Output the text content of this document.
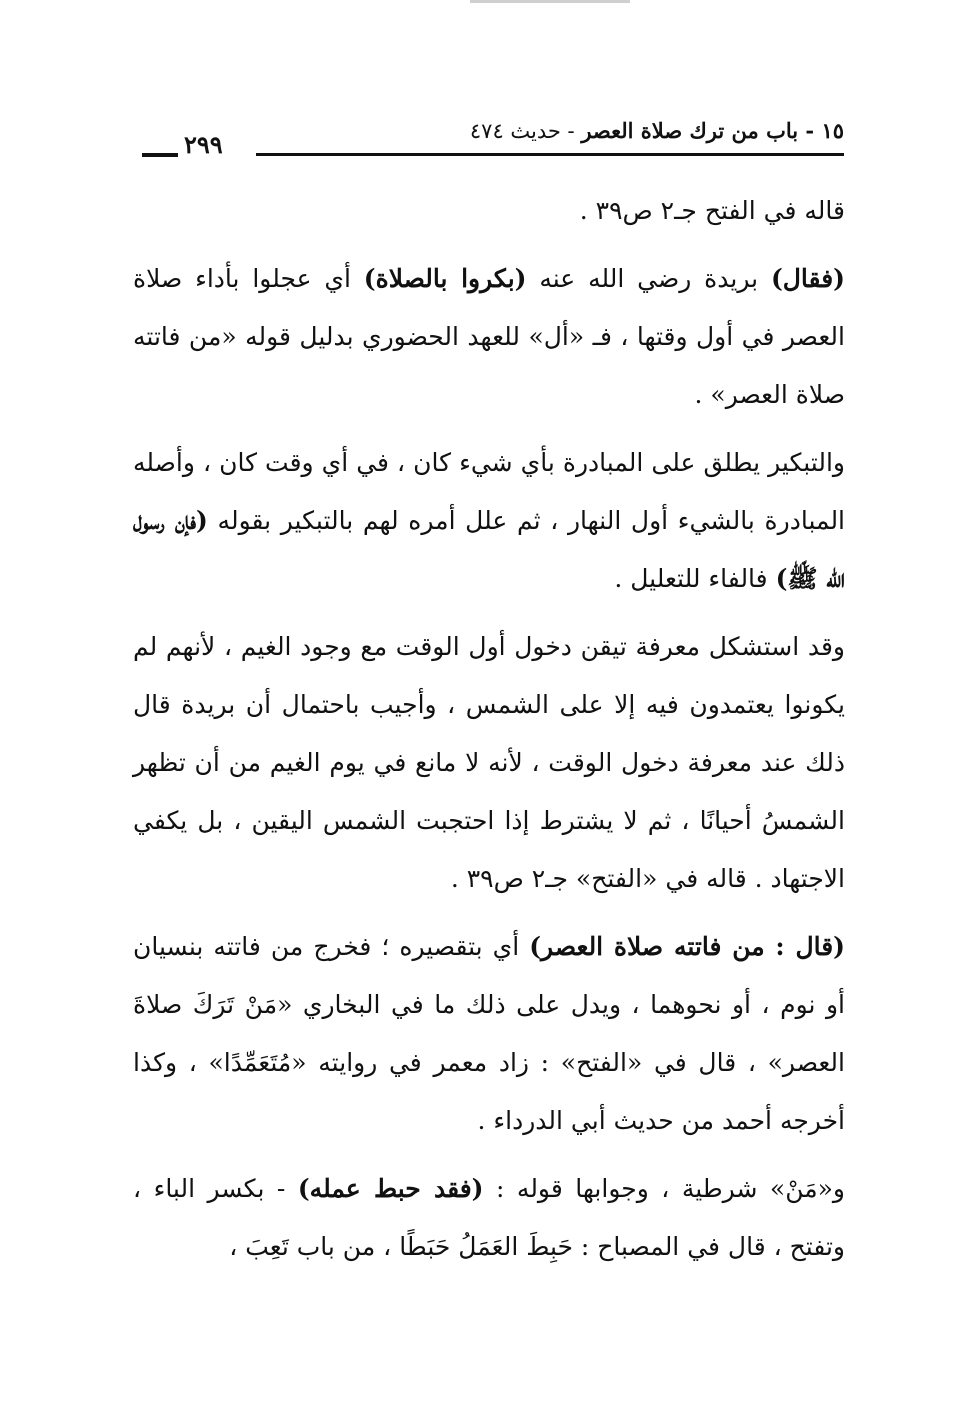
١٥ - باب من ترك صلاة العصر - حديث ٤٧٤
٢٩٩

قاله في الفتح جـ٢ ص٣٩ .

(فقال) بريدة رضي الله عنه (بكروا بالصلاة) أي عجلوا بأداء صلاة العصر في أول وقتها ، فـ «أل» للعهد الحضوري بدليل قوله «من فاتته صلاة العصر» .

والتبكير يطلق على المبادرة بأي شيء كان ، في أي وقت كان ، وأصله المبادرة بالشيء أول النهار ، ثم علل أمره لهم بالتبكير بقوله (فإن رسول الله ﷺ) فالفاء للتعليل .

وقد استشكل معرفة تيقن دخول أول الوقت مع وجود الغيم ، لأنهم لم يكونوا يعتمدون فيه إلا على الشمس ، وأجيب باحتمال أن بريدة قال ذلك عند معرفة دخول الوقت ، لأنه لا مانع في يوم الغيم من أن تظهر الشمسُ أحيانًا ، ثم لا يشترط إذا احتجبت الشمس اليقين ، بل يكفي الاجتهاد . قاله في «الفتح» جـ٢ ص٣٩ .

(قال : من فاتته صلاة العصر) أي بتقصيره ؛ فخرج من فاتته بنسيان أو نوم ، أو نحوهما ، ويدل على ذلك ما في البخاري «مَنْ تَرَكَ صلاةَ العصر» ، قال في «الفتح» : زاد معمر في روايته «مُتَعَمِّدًا» ، وكذا أخرجه أحمد من حديث أبي الدرداء .

و«مَنْ» شرطية ، وجوابها قوله : (فقد حبط عمله) - بكسر الباء ، وتفتح ، قال في المصباح : حَبِطَ العَمَلُ حَبَطًا ، من باب تَعِبَ ،
